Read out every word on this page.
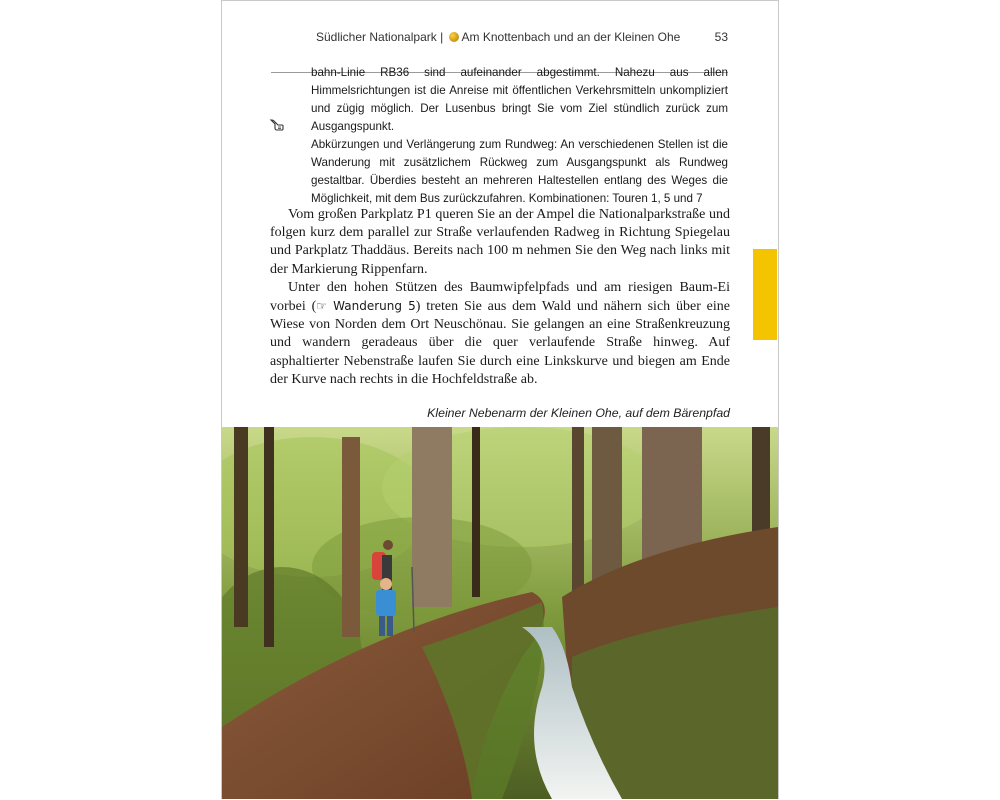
Südlicher Nationalpark | Am Knottenbach und an der Kleinen Ohe	53

bahn-Linie RB36 sind aufeinander abgestimmt. Nahezu aus allen Himmelsrichtungen ist die Anreise mit öffentlichen Verkehrsmitteln unkompliziert und zügig möglich. Der Lusenbus bringt Sie vom Ziel stündlich zurück zum Ausgangspunkt.

Abkürzungen und Verlängerung zum Rundweg: An verschiedenen Stellen ist die Wanderung mit zusätzlichem Rückweg zum Ausgangspunkt als Rundweg gestaltbar. Überdies besteht an mehreren Haltestellen entlang des Weges die Möglichkeit, mit dem Bus zurückzufahren. Kombinationen: Touren 1, 5 und 7

Vom großen Parkplatz P1 queren Sie an der Ampel die Nationalparkstraße und folgen kurz dem parallel zur Straße verlaufenden Radweg in Richtung Spiegelau und Parkplatz Thaddäus. Bereits nach 100 m nehmen Sie den Weg nach links mit der Markierung Rippenfarn.

Unter den hohen Stützen des Baumwipfelpfads und am riesigen Baum-Ei vorbei (☞ Wanderung 5) treten Sie aus dem Wald und nähern sich über eine Wiese von Norden dem Ort Neuschönau. Sie gelangen an eine Straßenkreuzung und wandern geradeaus über die quer verlaufende Straße hinweg. Auf asphaltierter Nebenstraße laufen Sie durch eine Linkskurve und biegen am Ende der Kurve nach rechts in die Hochfeldstraße ab.

Kleiner Nebenarm der Kleinen Ohe, auf dem Bärenpfad
